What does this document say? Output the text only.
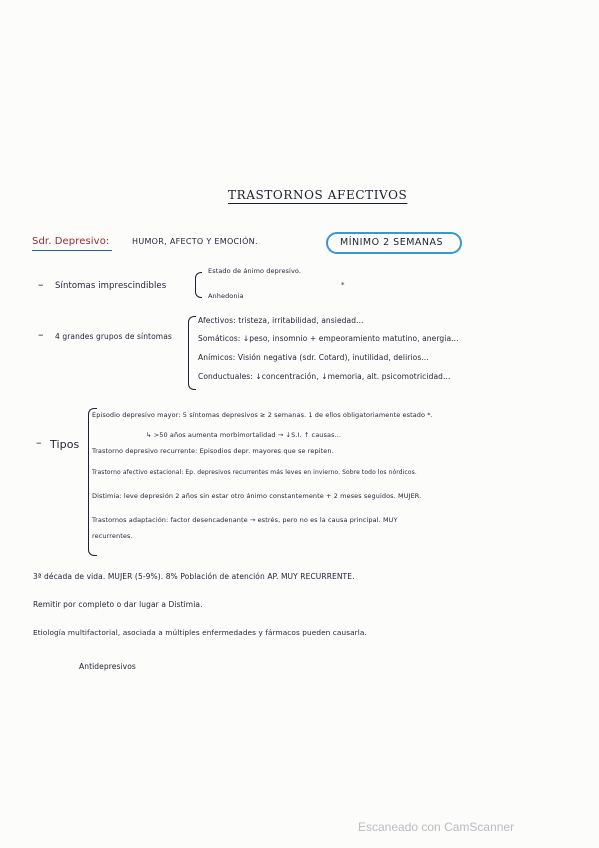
TRASTORNOS AFECTIVOS
Sdr. Depresivo:	HUMOR, AFECTO Y EMOCIÓN.	MÍNIMO 2 SEMANAS
– Síntomas imprescindibles
Estado de ánimo depresivo.
Anhedonia
*
– 4 grandes grupos de síntomas
Afectivos: tristeza, irritabilidad, ansiedad...
Somáticos: ↓peso, insomnio + empeoramiento matutino, anergia...
Anímicos: Visión negativa (sdr. Cotard), inutilidad, delirios...
Conductuales: ↓concentración, ↓memoria, alt. psicomotricidad...
– Tipos
Episodio depresivo mayor: 5 síntomas depresivos ≥ 2 semanas. 1 de ellos obligatoriamente estado *.
↳ >50 años aumenta morbimortalidad → ↓S.I. ↑ causas...
Trastorno depresivo recurrente: Episodios depr. mayores que se repiten.
Trastorno afectivo estacional: Ep. depresivos recurrentes más leves en invierno. Sobre todo los nórdicos.
Distimia: leve depresión 2 años sin estar otro ánimo constantemente + 2 meses seguidos. MUJER.
Trastornos adaptación: factor desencadenante → estrés, pero no es la causa principal. MUY
recurrentes.
3ª década de vida. MUJER (5-9%). 8% Población de atención AP. MUY RECURRENTE.
Remitir por completo o dar lugar a Distimia.
Etiología multifactorial, asociada a múltiples enfermedades y fármacos pueden causarla.
Antidepresivos
Escaneado con CamScanner
